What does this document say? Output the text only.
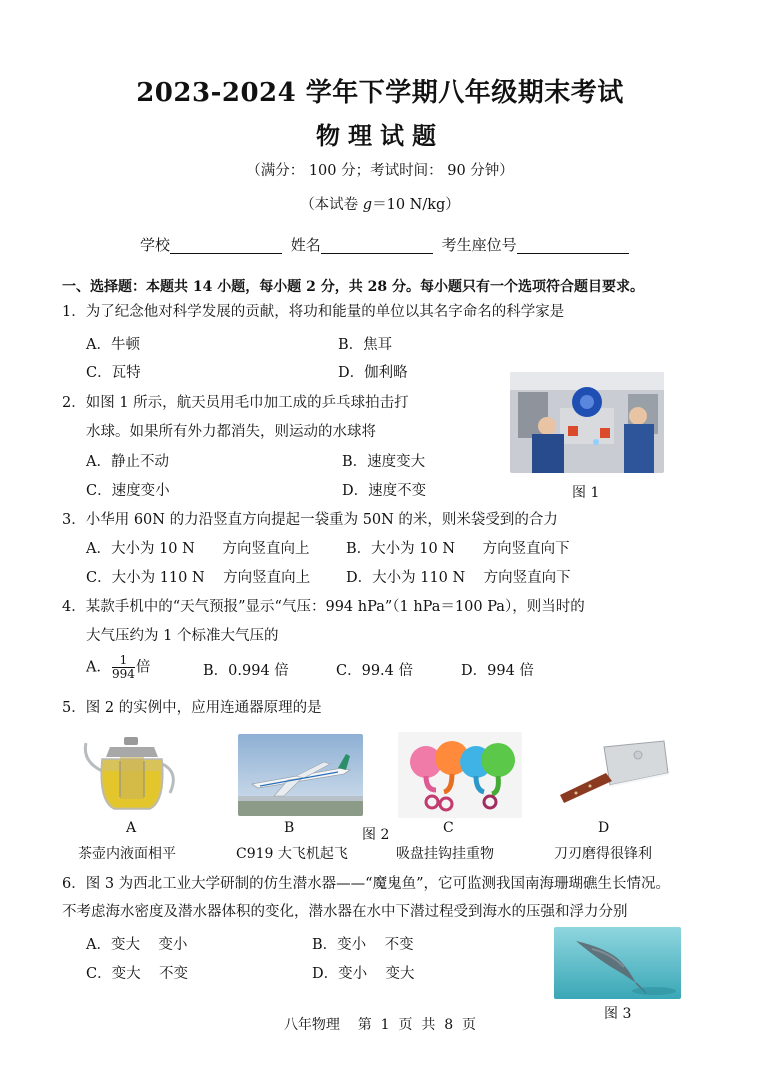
2023-2024 学年下学期八年级期末考试
物理试题
（满分： 100 分；考试时间： 90 分钟）
（本试卷 g＝10 N/kg）
学校	姓名	考生座位号
一、选择题：本题共 14 小题，每小题 2 分，共 28 分。每小题只有一个选项符合题目要求。
1．为了纪念他对科学发展的贡献，将功和能量的单位以其名字命名的科学家是
A．牛顿	B．焦耳
C．瓦特	D．伽利略
2．如图 1 所示，航天员用毛巾加工成的乒乓球拍击打
水球。如果所有外力都消失，则运动的水球将
A．静止不动	B．速度变大
C．速度变小	D．速度不变	图 1
3．小华用 60N 的力沿竖直方向提起一袋重为 50N 的米，则米袋受到的合力
A．大小为 10 N      方向竖直向上	B．大小为 10 N      方向竖直向下
C．大小为 110 N    方向竖直向上 D．大小为 110 N    方向竖直向下
4．某款手机中的“天气预报”显示“气压：994 hPa”（1 hPa＝100 Pa），则当时的
大气压约为 1 个标准大气压的
A． $\frac{1}{994}$ 倍	B．0.994 倍	C．99.4 倍	D．994 倍
5．图 2 的实例中，应用连通器原理的是
A	B	图 2	C	D
茶壶内液面相平	C919 大飞机起飞	吸盘挂钩挂重物	刀刃磨得很锋利
6．图 3 为西北工业大学研制的仿生潜水器——“魔鬼鱼”，它可监测我国南海珊瑚礁生长情况。
不考虑海水密度及潜水器体积的变化，潜水器在水中下潜过程受到海水的压强和浮力分别
A．变大    变小	B．变小    不变
C．变大    不变	D．变小    变大
图 3
八年物理    第  1  页  共  8  页
